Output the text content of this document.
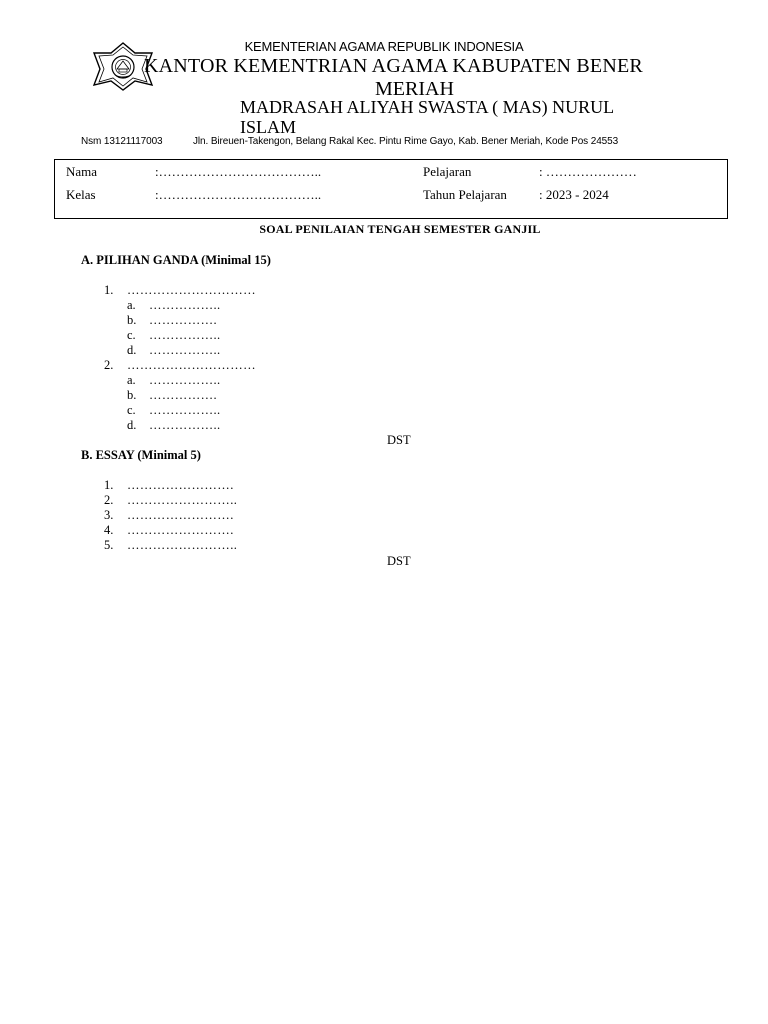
KEMENTERIAN AGAMA REPUBLIK INDONESIA
KANTOR KEMENTRIAN AGAMA KABUPATEN BENER
MERIAH
MADRASAH ALIYAH SWASTA ( MAS) NURUL
ISLAM
Nsm 13121117003	Jln. Bireuen-Takengon, Belang Rakal Kec. Pintu Rime Gayo, Kab. Bener Meriah, Kode Pos 24553
Nama	:………………………………..	Pelajaran	: …………………
Kelas	:………………………………..	Tahun Pelajaran : 2023 - 2024
SOAL PENILAIAN TENGAH SEMESTER GANJIL
A. PILIHAN GANDA (Minimal 15)
1. …………………………
a. ……………..
b. …………….
c. ……………..
d. ……………..
2. …………………………
a. ……………..
b. …………….
c. ……………..
d. ……………..
DST
B. ESSAY (Minimal 5)
1. …………………….
2. ……………………..
3. …………………….
4. …………………….
5. ……………………..
DST
